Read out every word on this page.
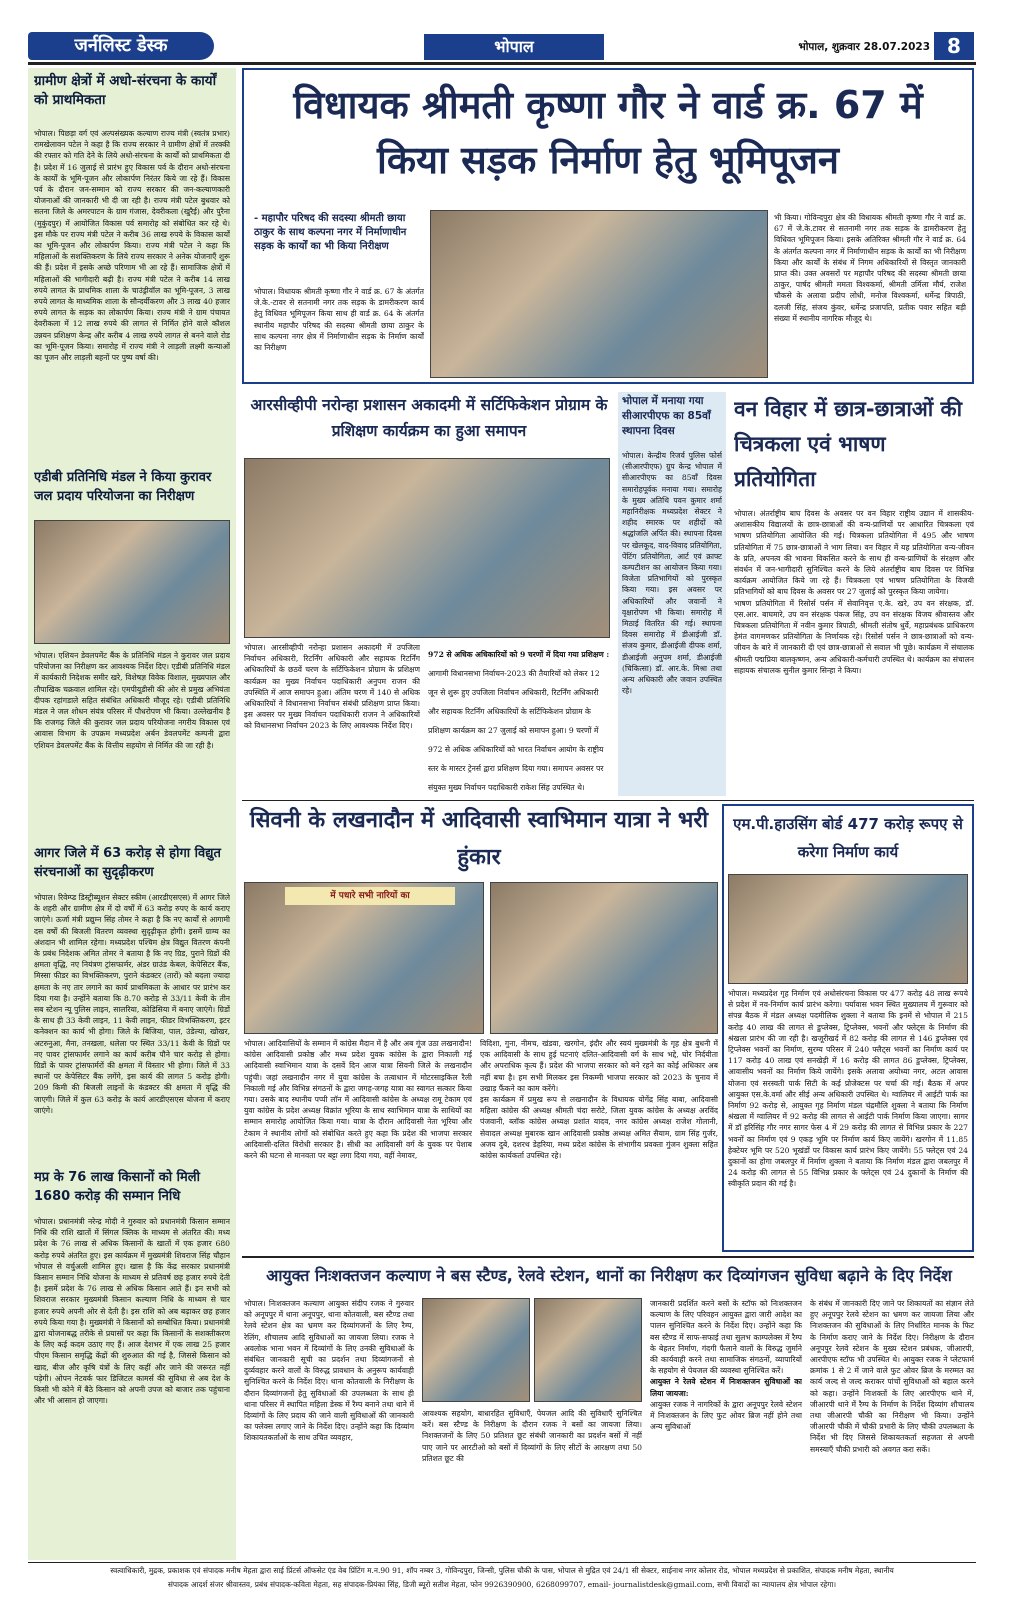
जर्नलिस्ट डेस्क	भोपाल	भोपाल, शुक्रवार 28.07.2023 8
ग्रामीण क्षेत्रों में अधो-संरचना के कार्यों को प्राथमिकता
भोपाल। पिछड़ा वर्ग एवं अल्पसंख्यक कल्याण राज्य मंत्री (स्वतंत्र प्रभार) रामखेलावन पटेल ने कहा है कि राज्य सरकार ने ग्रामीण क्षेत्रों में तरक्की की रफ्तार को गति देने के लिये अधो-संरचना के कार्यों को प्राथमिकता दी है। प्रदेश में 16 जुलाई से प्रारंभ हुए विकास पर्व के दौरान अधो-संरचना के कार्यों के भूमि-पूजन और लोकार्पण निरंतर किये जा रहे हैं। विकास पर्व के दौरान जन-सम्मान को राज्य सरकार की जन-कल्याणकारी योजनाओं की जानकारी भी दी जा रही है। राज्य मंत्री पटेल बुधवार को सतना जिले के अमरपाटन के ग्राम गंजास, देवरीकला (खुरैई) और पुरैना (मुकुंदपुर) में आयोजित विकास पर्व समारोह को संबोधित कर रहे थे। इस मौके पर राज्य मंत्री पटेल ने करीब 36 लाख रुपये के विकास कार्यों का भूमि-पूजन और लोकार्पण किया। राज्य मंत्री पटेल ने कहा कि महिलाओं के सशक्तिकरण के लिये राज्य सरकार ने अनेक योजनाएँ शुरू की हैं। प्रदेश में इसके अच्छे परिणाम भी आ रहे हैं। सामाजिक क्षेत्रों में महिलाओं की भागीदारी बढ़ी है। राज्य मंत्री पटेल ने करीब 14 लाख रुपये लागत के प्राथमिक शाला के चाउंड्रीवॉल का भूमि-पूजन, 3 लाख रुपये लागत के माध्यमिक शाला के सौन्दर्यीकरण और 3 लाख 40 हजार रुपये लागत के सड़क का लोकार्पण किया। राज्य मंत्री ने ग्राम पंचायत देवरीकला में 12 लाख रुपये की लागत से निर्मित होने वाले कौशल उन्नयन प्रशिक्षण केन्द्र और करीब 4 लाख रुपये लागत से बनने वाले रोड का भूमि-पूजन किया। समारोह में राज्य मंत्री ने लाड़ली लक्ष्मी कन्याओं का पूजन और लाड़ली बहनों पर पुष्प वर्षा की।
एडीबी प्रतिनिधि मंडल ने किया कुरावर जल प्रदाय परियोजना का निरीक्षण
भोपाल। एशियन डेवलपमेंट बैंक के प्रतिनिधि मंडल ने कुरावर जल प्रदाय परियोजना का निरीक्षण कर आवश्यक निर्देश दिए। एडीबी प्रतिनिधि मंडल में कार्यकारी निदेशक समीर खरे, विशेषज्ञ विवेक विशाल, मुख्यपाल और तौपाखिक चक्रवाल शामिल रहे। एमपीयूडीसी की ओर से प्रमुख अभियंता दीपक रहांगडाले सहित संबंधित अधिकारी मौजूद रहे। एडीबी प्रतिनिधि मंडल ने जल शोधन संयंत्र परिसर में पौधरोपण भी किया। उल्लेखनीय है कि राजगढ़ जिले की कुरावर जल प्रदाय परियोजना नगरीय विकास एवं आवास विभाग के उपक्रम मध्यप्रदेश अर्बन डेवलपमेंट कम्पनी द्वारा एशियन डेवलपमेंट बैंक के वित्तीय सहयोग से निर्मित की जा रही है।
आगर जिले में 63 करोड़ से होगा विद्युत संरचनाओं का सुदृढ़ीकरण
भोपाल। रिवेम्प्ड डिस्ट्रीब्यूशन सेक्टर स्कीम (आरडीएसएस) में आगर जिले के शहरी और ग्रामीण क्षेत्र में दो वर्षों में 63 करोड़ रुपए के कार्य कराए जाएंगे। ऊर्जा मंत्री प्रद्युम्न सिंह तोमर ने कहा है कि नए कार्यों से आगामी दस वर्षों की बिजली वितरण व्यवस्था सुदृढ़ीकृत होगी। इसमें ग्राम्य का अंशदान भी शामिल रहेगा। मध्यप्रदेश पश्चिम क्षेत्र विद्युत वितरण कंपनी के प्रबंध निदेशक अमित तोमर ने बताया है कि नए ग्रिड, पुराने ग्रिडों की क्षमता वृद्धि, नए नियंत्रण ट्रांसफार्मर, अंडर ग्राउंड केबल, केपेसिटर बैंक, मिस्सा फीडर का विभक्तिकरण, पुराने कंडक्टर (तारों) को बदला ज्यादा क्षमता के नए तार लगाने का कार्य प्राथमिकता के आधार पर प्रारंभ कर दिया गया है। उन्होंने बताया कि 8.70 करोड़ से 33/11 केवी के तीन सब स्टेशन न्यू पुलिस लाइन, सालरिया, कोडिसिया में बनाए जाएंगे। ग्रिडों के साथ ही 33 केवी लाइन, 11 केवी लाइन, फीडर विभक्तिकरण, इटर कनेक्शन का कार्य भी होगा। जिले के बिजिया, पाल, उंडेल्या, खोखर, अटरुनुआ, मैना, तनखला, धलेला पर स्थित 33/11 केवी के ग्रिडों पर नए पावर ट्रांसफार्मर लगाने का कार्य करीब पौने चार करोड़ से होगा। ग्रिडों के पावर ट्रांसफार्मरों की क्षमता में विस्तार भी होगा। जिले में 33 स्थानों पर केपेसिटर बैंक लगेंगे, इस कार्य की लागत 5 करोड़ होगी। 209 किमी की बिजली लाइनों के कंडक्टर की क्षमता में वृद्धि की जाएगी। जिले में कुल 63 करोड़ के कार्य आरडीएसएस योजना में कराए जाएंगे।
मप्र के 76 लाख किसानों को मिली 1680 करोड़ की सम्मान निधि
भोपाल। प्रधानमंत्री नरेन्द्र मोदी ने गुरुवार को प्रधानमंत्री किसान सम्मान निधि की राशि खातों में सिंगल क्लिक के माध्यम से अंतरित की। मध्य प्रदेश के 76 लाख से अधिक किसानों के खातों में एक हजार 680 करोड़ रुपये अंतरित हुए। इस कार्यक्रम में मुख्यमंत्री शिवराज सिंह चौहान भोपाल से वर्चुअली शामिल हुए। खास है कि केंद्र सरकार प्रधानमंत्री किसान सम्मान निधि योजना के माध्यम से प्रतिवर्ष छह हजार रुपये देती है। इसमें प्रदेश के 76 लाख से अधिक किसान आते हैं। इन सभी को शिवराज सरकार मुख्यमंत्री किसान कल्याण निधि के माध्यम से चार हजार रुपये अपनी ओर से देती है। इस राशि को अब बढ़ाकर छह हजार रुपये किया गया है। मुख्यमंत्री ने किसानों को सम्बोधित किया। प्रधानमंत्री द्वारा योजनाबद्ध तरीके से प्रयासों पर कहा कि किसानों के सशक्तीकरण के लिए कई कदम उठाए गए हैं। आज देशभर में एक लाख 25 हजार पीएम किसान समृद्धि केंद्रों की शुरुआत की गई है, जिससे किसान को खाद, बीज और कृषि यंत्रों के लिए कहीं और जाने की जरूरत नहीं पड़ेगी। ओपन नेटवर्क फार डिजिटल कामर्स की सुविधा से अब देश के किसी भी कोने में बैठे किसान को अपनी उपज को बाजार तक पहुंचाना और भी आसान हो जाएगा।
विधायक श्रीमती कृष्णा गौर ने वार्ड क्र. 67 में किया सड़क निर्माण हेतु भूमिपूजन
- महापौर परिषद की सदस्या श्रीमती छाया ठाकुर के साथ कल्पना नगर में निर्माणाधीन सड़क के कार्यों का भी किया निरीक्षण
भोपाल। विधायक श्रीमती कृष्णा गौर ने वार्ड क्र. 67 के अंतर्गत जे.के.-टावर से सतनामी नगर तक सड़क के डामरीकरण कार्य हेतु विधिवत भूमिपूजन किया साथ ही वार्ड क्र. 64 के अंतर्गत स्थानीय महापौर परिषद की सदस्या श्रीमती छाया ठाकुर के साथ कल्पना नगर क्षेत्र में निर्माणाधीन सड़क के निर्माण कार्यों का निरीक्षण
भी किया। गोविन्दपुरा क्षेत्र की विधायक श्रीमती कृष्णा गौर ने वार्ड क्र. 67 में जे.के.टावर से सतनामी नगर तक सड़क के डामरीकरण हेतु विधिवत भूमिपूजन किया। इसके अतिरिक्त श्रीमती गौर ने वार्ड क्र. 64 के अंतर्गत कल्पना नगर में निर्माणाधीन सड़क के कार्यों का भी निरीक्षण किया और कार्यों के संबंध में निगम अधिकारियों से विस्तृत जानकारी प्राप्त की। उक्त अवसरों पर महापौर परिषद की सदस्या श्रीमती छाया ठाकुर, पार्षद श्रीमती ममता विश्वकर्मा, श्रीमती उर्मिला मौर्य, राजेश चौकसे के अलावा प्रदीप लोधी, मनोज विश्वकर्मा, धर्मेन्द्र त्रिपाठी, दलजी सिंह, संजय कुंवर, धर्मेन्द्र प्रजापति, प्रतीक पवार सहित बड़ी संख्या में स्थानीय नागरिक मौजूद थे।
आरसीव्हीपी नरोन्हा प्रशासन अकादमी में सर्टिफिकेशन प्रोग्राम के प्रशिक्षण कार्यक्रम का हुआ समापन
भोपाल। आरसीव्हीपी नरोन्हा प्रशासन अकादमी में उपजिला निर्वाचन अधिकारी, रिटर्निंग अधिकारी और सहायक रिटर्निंग अधिकारियों के छठवें चरण के सर्टिफिकेशन प्रोग्राम के प्रशिक्षण कार्यक्रम का मुख्य निर्वाचन पदाधिकारी अनुपम राजन की उपस्थिति में आज समापन हुआ। अंतिम चरण में 140 से अधिक अधिकारियों ने विधानसभा निर्वाचन संबंधी प्रशिक्षण प्राप्त किया। इस अवसर पर मुख्य निर्वाचन पदाधिकारी राजन ने अधिकारियों को विधानसभा निर्वाचन 2023 के लिए आवश्यक निर्देश दिए।
972 से अधिक अधिकारियों को 9 चरणों में दिया गया प्रशिक्षण : आगामी विधानसभा निर्वाचन-2023 की तैयारियों को लेकर 12 जून से शुरू हुए उपजिला निर्वाचन अधिकारी, रिटर्निंग अधिकारी और सहायक रिटर्निंग अधिकारियों के सर्टिफिकेशन प्रोग्राम के प्रशिक्षण कार्यक्रम का 27 जुलाई को समापन हुआ। 9 चरणों में 972 से अधिक अधिकारियों को भारत निर्वाचन आयोग के राष्ट्रीय स्तर के मास्टर ट्रेनर्स द्वारा प्रशिक्षण दिया गया। समापन अवसर पर संयुक्त मुख्य निर्वाचन पदाधिकारी राकेश सिंह उपस्थित थे।
भोपाल में मनाया गया सीआरपीएफ का 85वाँ स्थापना दिवस
भोपाल। केन्द्रीय रिजर्व पुलिस फोर्स (सीआरपीएफ) ग्रुप केन्द्र भोपाल में सीआरपीएफ का 85वाँ दिवस समारोहपूर्वक मनाया गया। समारोह के मुख्य अतिथि पवन कुमार शर्मा महानिरीक्षक मध्यप्रदेश सेक्टर ने शहीद स्मारक पर शहीदों को श्रद्धांजलि अर्पित की। स्थापना दिवस पर खेलकूद, वाद-विवाद प्रतियोगिता, पेंटिंग प्रतियोगिता, आर्ट एवं क्राफ्ट कम्पटीशन का आयोजन किया गया। विजेता प्रतिभागियों को पुरस्कृत किया गया। इस अवसर पर अधिकारियों और जवानों ने वृक्षारोपण भी किया। समारोह में मिठाई वितरित की गई। स्थापना दिवस समारोह में डीआईजी डॉ. संजय कुमार, डीआईजी दीपक शर्मा, डीआईजी अनुपम शर्मा, डीआईजी (चिकित्सा) डॉ. आर.के. मिश्रा तथा अन्य अधिकारी और जवान उपस्थित रहे।
वन विहार में छात्र-छात्राओं की चित्रकला एवं भाषण प्रतियोगिता
भोपाल। अंतर्राष्ट्रीय बाघ दिवस के अवसर पर वन विहार राष्ट्रीय उद्यान में शासकीय-अशासकीय विद्यालयों के छात्र-छात्राओं की वन्य-प्राणियों पर आधारित चित्रकला एवं भाषण प्रतियोगिता आयोजित की गई। चित्रकला प्रतियोगिता में 495 और भाषण प्रतियोगिता में 75 छात्र-छात्राओं ने भाग लिया। वन विहार में यह प्रतियोगिता वन्य-जीवन के प्रति, अपनत्व की भावना विकसित करने के साथ ही वन्य-प्राणियों के संरक्षण और संवर्धन में जन-भागीदारी सुनिश्चित करने के लिये अंतर्राष्ट्रीय बाघ दिवस पर विभिन्न कार्यक्रम आयोजित किये जा रहे हैं। चित्रकला एवं भाषण प्रतियोगिता के विजयी प्रतिभागियों को बाघ दिवस के अवसर पर 27 जुलाई को पुरस्कृत किया जायेगा।
भाषण प्रतियोगिता में रिसोर्स पर्सन में सेवानिवृत्त ए.के. खरे, उप वन संरक्षक, डॉ. एस.आर. बाघमारे, उप वन संरक्षक पंकज सिंह, उप वन संरक्षक विजय श्रीवास्तव और चित्रकला प्रतियोगिता में नवीन कुमार त्रिपाठी, श्रीमती संतोष धुर्वे, महाप्रबंधक प्राधिकरण हेमंत वागमणकर प्रतियोगिता के निर्णायक रहे। रिसोर्स पर्सन ने छात्र-छात्राओं को वन्य-जीवन के बारे में जानकारी दी एवं छात्र-छात्राओं से सवाल भी पूछे। कार्यक्रम में संचालक श्रीमती पद्मप्रिया बालकृष्णन, अन्य अधिकारी-कर्मचारी उपस्थित थे। कार्यक्रम का संचालन सहायक संचालक सुनील कुमार सिन्हा ने किया।
सिवनी के लखनादौन में आदिवासी स्वाभिमान यात्रा ने भरी हुंकार
में पधारे सभी नारियों का
भोपाल। आदिवासियों के सम्मान में कांग्रेस मैदान में है और अब गूंज उठा लखनादौन! कांग्रेस आदिवासी प्रकोष्ठ और मध्य प्रदेश युवक कांग्रेस के द्वारा निकाली गई आदिवासी स्वाभिमान यात्रा के दसवें दिन आज यात्रा सिवनी जिले के लखनादौन पहुंची। जहां लखनादौन नगर में युवा कांग्रेस के तत्वाधान में मोटरसाइकिल रैली निकाली गई और विभिन्न संगठनों के द्वारा जगह-जगह यात्रा का स्वागत सत्कार किया गया। उसके बाद स्थानीय पप्पी लॉन में आदिवासी कांग्रेस के अध्यक्ष रामू टेकाम एवं युवा कांग्रेस के प्रदेश अध्यक्ष विक्रांत भूरिया के साथ स्वाभिमान यात्रा के साथियों का सम्मान समारोह आयोजित किया गया। यात्रा के दौरान आदिवासी नेता भूरिया और टेकाम ने स्थानीय लोगों को संबोधित करते हुए कहा कि प्रदेश की भाजपा सरकार आदिवासी-दलित विरोधी सरकार है। सीधी का आदिवासी वर्ग के युवक पर पेशाब करने की घटना से मानवता पर बट्टा लगा दिया गया, वहीं नेमावर,
विदिशा, गुना, नीमच, खंडवा, खरगोन, इंदौर और स्वयं मुख्यमंत्री के गृह क्षेत्र बुधनी में एक आदिवासी के साथ हुई घटनाएं दलित-आदिवासी वर्ग के साथ भद्दे, घोर निर्दयीता और अपराधिक कृत्य हैं। प्रदेश की भाजपा सरकार को बने रहने का कोई अधिकार अब नहीं बचा है। हम सभी मिलकर इस निकम्मी भाजपा सरकार को 2023 के चुनाव में उखाड़ फैंकने का काम करेंगे।
इस कार्यक्रम में प्रमुख रूप से लखनादौन के विधायक योगेंद्र सिंह बाबा, आदिवासी महिला कांग्रेस की अध्यक्ष श्रीमती चंदा सरोटे, जिला युवक कांग्रेस के अध्यक्ष अरविंद पंजवानी, ब्लॉक कांग्रेस अध्यक्ष प्रशांत यादव, नगर कांग्रेस अध्यक्ष राजेश गोलानी, सेवादल अध्यक्ष मुबारक खान आदिवासी प्रकोष्ठ अध्यक्ष अमित सैयाम, ग्राम सिंह गुर्जर, अजय दुबे, दशरथ डेहरिया, मध्य प्रदेश कांग्रेस के संभागीय प्रवक्ता गुंजन शुक्ला सहित कांग्रेस कार्यकर्ता उपस्थित रहे।
एम.पी.हाउसिंग बोर्ड 477 करोड़ रूपए से करेगा निर्माण कार्य
भोपाल। मध्यप्रदेश गृह निर्माण एवं अधोसंरचना विकास पर 477 करोड़ 48 लाख रूपये से प्रदेश में नव-निर्माण कार्य प्रारंभ करेगा। पर्यावास भवन स्थित मुख्यालय में गुरूवार को संपन्न बैठक में मंडल अध्यक्ष पदमीलिक शुक्ला ने बताया कि इनमें से भोपाल में 215 करोड़ 40 लाख की लागत से डुप्लेक्स, ट्रिप्लेक्स, भवनों और फ्लेट्स के निर्माण की श्रंखला प्रारंभ की जा रही है। खजूरीखर्द में 82 करोड़ की लागत से 146 डुप्लेक्स एवं ट्रिप्लेक्स भवनों का निर्माण, सुरम्य परिसर में 240 फ्लैट्स भवनों का निर्माण कार्य पर 117 करोड़ 40 लाख एवं सनखेड़ी में 16 करोड़ की लागत 86 डुप्लेक्स, ट्रिप्लेक्स, आवासीय भवनों का निर्माण किये जायेंगे। इसके अलावा अयोध्या नगर, अटल आवास योजना एवं सरस्वती पार्क सिटी के कई प्रोजेक्टस पर चर्चा की गई। बैठक में अपर आयुक्त एस.के.वर्मा और सीई अन्य अधिकारी उपस्थित थे। ग्वालियर में आईटी पार्क का निर्माण 92 करोड़ से, आयुक्त गृह निर्माण मंडल चंद्रमौलि शुक्ला ने बताया कि निर्माण श्रंखला में ग्वालियर में 92 करोड़ की लागत से आईटी पार्क निर्माण किया जाएगा। सागर में डॉ हरिसिंह गौर नगर सागर फेस 4 में 29 करोड़ की लागत से विभिन्न प्रकार के 227 भवनों का निर्माण एवं 9 एकड़ भूमि पर निर्माण कार्य किए जायेंगे। खरगोन में 11.85 हेक्टेयर भूमि पर 520 भूखंडों पर विकास कार्य प्रारंभ किए जायेंगे। 55 फ्लेट्स एवं 24 दुकानों का होगा जबलपुर में निर्माण शुक्ला ने बताया कि निर्माण मंडल द्वारा जबलपुर में 24 करोड़ की लागत से 55 विभिन्न प्रकार के फ्लेट्स एवं 24 दुकानों के निर्माण की स्वीकृति प्रदान की गई है।
आयुक्त निःशक्तजन कल्याण ने बस स्टैण्ड, रेलवे स्टेशन, थानों का निरीक्षण कर दिव्यांगजन सुविधा बढ़ाने के दिए निर्देश
भोपाल। निःशक्तजन कल्याण आयुक्त संदीप रजक ने गुरुवार को अनूपपुर में थाना अनूपपुर, थाना कोतवाली, बस स्टैण्ड तथा रेलवे स्टेशन क्षेत्र का भ्रमण कर दिव्यांगजनों के लिए रैम्प, रेलिंग, शौचालय आदि सुविधाओं का जायजा लिया। रजक ने अवलोक भाना भवन में दिव्यांगों के लिए उनकी सुविधाओं के संबंधित जानकारी सूची का प्रदर्शन तथा दिव्यांगजनों से दुर्व्यवहार करने वालों के विरुद्ध प्रावधान के अनुरूप कार्यवाही सुनिश्चित करने के निर्देश दिए। थाना कोतवाली के निरीक्षण के दौरान दिव्यांगजनों हेतु सुविधाओं की उपलब्धता के साथ ही थाना परिसर में स्थापित महिला डेस्क में रैम्प बनाने तथा थाने में दिव्यांगों के लिए प्रदाय की जाने वाली सुविधाओं की जानकारी का फ्लेक्स लगाए जाने के निर्देश दिए। उन्होंने कहा कि दिव्यांग शिकायतकर्ताओं के साथ उचित व्यवहार,
आवश्यक सहयोग, बाधारहित सुविधाएँ, पेयजल आदि की सुविधाएँ सुनिश्चित करें। बस स्टैण्ड के निरीक्षण के दौरान रजक ने बसों का जायजा लिया। निशक्तजनों के लिए 50 प्रतिशत छूट संबंधी जानकारी का प्रदर्शन बसों में नहीं पाए जाने पर आरटीओ को बसों में दिव्यांगों के लिए सीटों के आरक्षण तथा 50 प्रतिशत छूट की
जानकारी प्रदर्शित करने बसों के स्टॉफ को निःशक्तजन कल्याण के लिए परिवहन आयुक्त द्वारा जारी आदेश का पालन सुनिश्चित करने के निर्देश दिए। उन्होंने कहा कि बस स्टैण्ड में साफ-सफाई तथा सुलभ काम्पलेक्स में रैम्प के बेहतर निर्माण, गंदगी फैलाने वालों के विरुद्ध जुर्माने की कार्यवाही करने तथा सामाजिक संगठनों, व्यापारियों के सहयोग से पेयजल की व्यवस्था सुनिश्चित करें।
आयुक्त ने रेलवे स्टेशन में निःशक्तजन सुविधाओं का लिया जायजा:
आयुक्त रजक ने नागरिकों के द्वारा अनूपपुर रेलवे स्टेशन में निःशक्तजन के लिए फुट ओवर ब्रिज नहीं होने तथा अन्य सुविधाओं
के संबंध में जानकारी दिए जाने पर शिकायतों का संज्ञान लेते हुए अनूपपुर रेलवे स्टेशन का भ्रमण कर जायजा लिया और निःशक्तजन की सुविधाओं के लिए निर्धारित मानक के फिट के निर्माण कराए जाने के निर्देश दिए। निरीक्षण के दौरान अनूपपुर रेलवे स्टेशन के मुख्य स्टेशन प्रबंधक, जीआरपी, आरपीएफ स्टॉफ भी उपस्थित थे। आयुक्त रजक ने प्लेटफार्म क्रमांक 1 से 2 में जाने वाले फुट ओवर ब्रिज के मरम्मत का कार्य जल्द से जल्द कराकर पांचों सुविधाओं को बहाल करने को कहा। उन्होंने निःशक्तों के लिए आरपीएफ थाने में, जीआरपी थाने में रैम्प के निर्माण के निर्देश दिव्यांग शौचालय तथा जीआरपी चौकी का निरीक्षण भी किया। उन्होंने जीआरपी चौकी में चौकी प्रभारी के लिए चौकी उपलब्धता के निर्देश भी दिए जिससे शिकायतकर्ता सहजता से अपनी समस्याएँ चौकी प्रभारी को अवगत करा सकें।
स्वत्वाधिकारी, मुद्रक, प्रकाशक एवं संपादक मनीष मेहता द्वारा साई प्रिंटर्स ऑफसेट एंड वेब प्रिंटिंग म.न.90 91, शॉप नम्बर 3, गोविन्दपुरा, जिन्सी, पुलिस चौकी के पास, भोपाल से मुद्रित एवं 24/1 सी सेक्टर, साईनाथ नगर कोलार रोड, भोपाल मध्यप्रदेश से प्रकाशित, संपादक मनीष मेहता, स्थानीय
संपादक आदर्श संजर श्रीवास्तव, प्रबंध संपादक-कविता मेहता, सह संपादक-प्रियंका सिंह, डिजी ब्यूरो सतीश मेहता, फोन 9926390900, 6268099707, email- journalistdesk@gmail.com, सभी विवादों का न्यायालय क्षेत्र भोपाल रहेगा।
